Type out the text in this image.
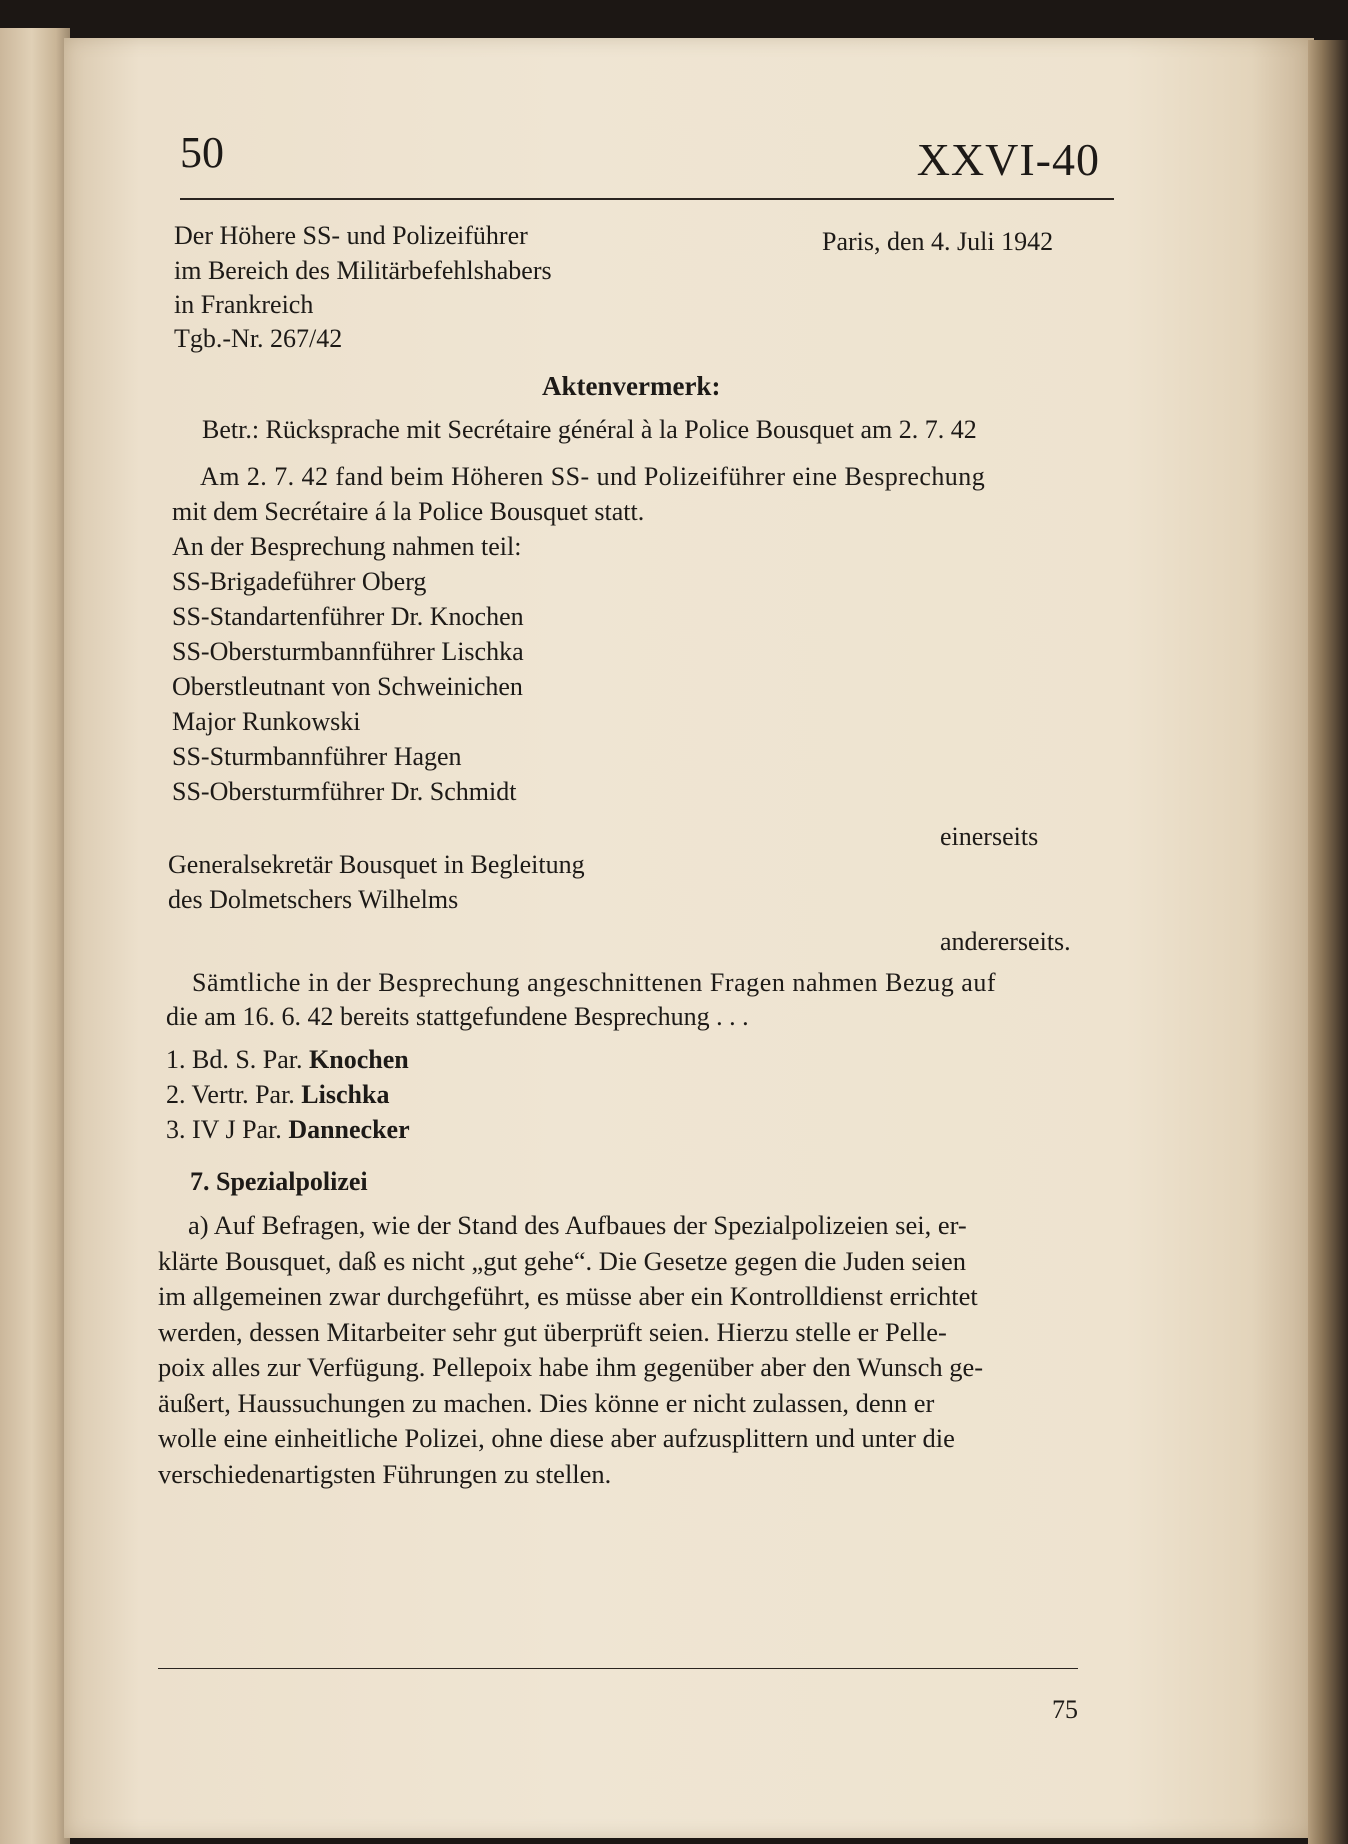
50	XXVI-40
Der Höhere SS- und Polizeiführer
im Bereich des Militärbefehlshabers
in Frankreich
Tgb.-Nr. 267/42
Paris, den 4. Juli 1942
Aktenvermerk:
Betr.: Rücksprache mit Secrétaire général à la Police Bousquet am 2. 7. 42
Am 2. 7. 42 fand beim Höheren SS- und Polizeiführer eine Besprechung
mit dem Secrétaire á la Police Bousquet statt.
An der Besprechung nahmen teil:
SS-Brigadeführer Oberg
SS-Standartenführer Dr. Knochen
SS-Obersturmbannführer Lischka
Oberstleutnant von Schweinichen
Major Runkowski
SS-Sturmbannführer Hagen
SS-Obersturmführer Dr. Schmidt
einerseits
Generalsekretär Bousquet in Begleitung
des Dolmetschers Wilhelms
andererseits.
Sämtliche in der Besprechung angeschnittenen Fragen nahmen Bezug auf
die am 16. 6. 42 bereits stattgefundene Besprechung . . .
1. Bd. S. Par. Knochen
2. Vertr. Par. Lischka
3. IV J Par. Dannecker
7. Spezialpolizei
a) Auf Befragen, wie der Stand des Aufbaues der Spezialpolizeien sei, er-
klärte Bousquet, daß es nicht „gut gehe“. Die Gesetze gegen die Juden seien
im allgemeinen zwar durchgeführt, es müsse aber ein Kontrolldienst errichtet
werden, dessen Mitarbeiter sehr gut überprüft seien. Hierzu stelle er Pelle-
poix alles zur Verfügung. Pellepoix habe ihm gegenüber aber den Wunsch ge-
äußert, Haussuchungen zu machen. Dies könne er nicht zulassen, denn er
wolle eine einheitliche Polizei, ohne diese aber aufzusplittern und unter die
verschiedenartigsten Führungen zu stellen.
75
